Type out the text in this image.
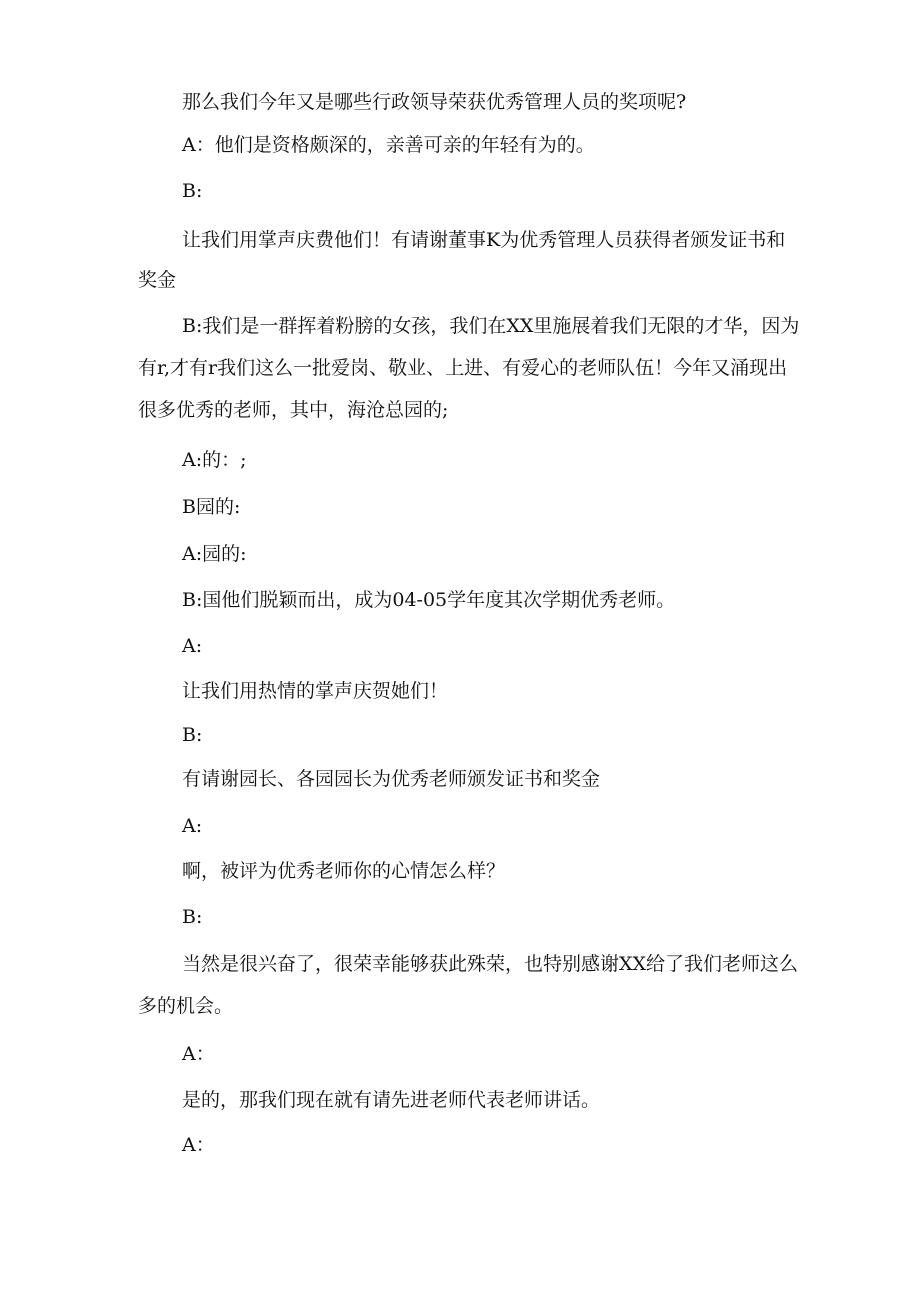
那么我们今年又是哪些行政领导荣获优秀管理人员的奖项呢?
A：他们是资格颇深的，亲善可亲的年轻有为的。
B:
让我们用掌声庆费他们！有请谢董事K为优秀管理人员获得者颁发证书和
奖金
B:我们是一群挥着粉膀的女孩，我们在XX里施展着我们无限的才华，因为
有r,才有r我们这么一批爱岗、敬业、上进、有爱心的老师队伍！今年又涌现出
很多优秀的老师，其中，海沧总园的;
A:的：;
B园的:
A:园的:
B:国他们脱颖而出，成为04-05学年度其次学期优秀老师。
A:
让我们用热情的掌声庆贺她们！
B:
有请谢园长、各园园长为优秀老师颁发证书和奖金
A:
啊，被评为优秀老师你的心情怎么样？
B:
当然是很兴奋了，很荣幸能够获此殊荣，也特别感谢XX给了我们老师这么
多的机会。
A：
是的，那我们现在就有请先进老师代表老师讲话。
A：
